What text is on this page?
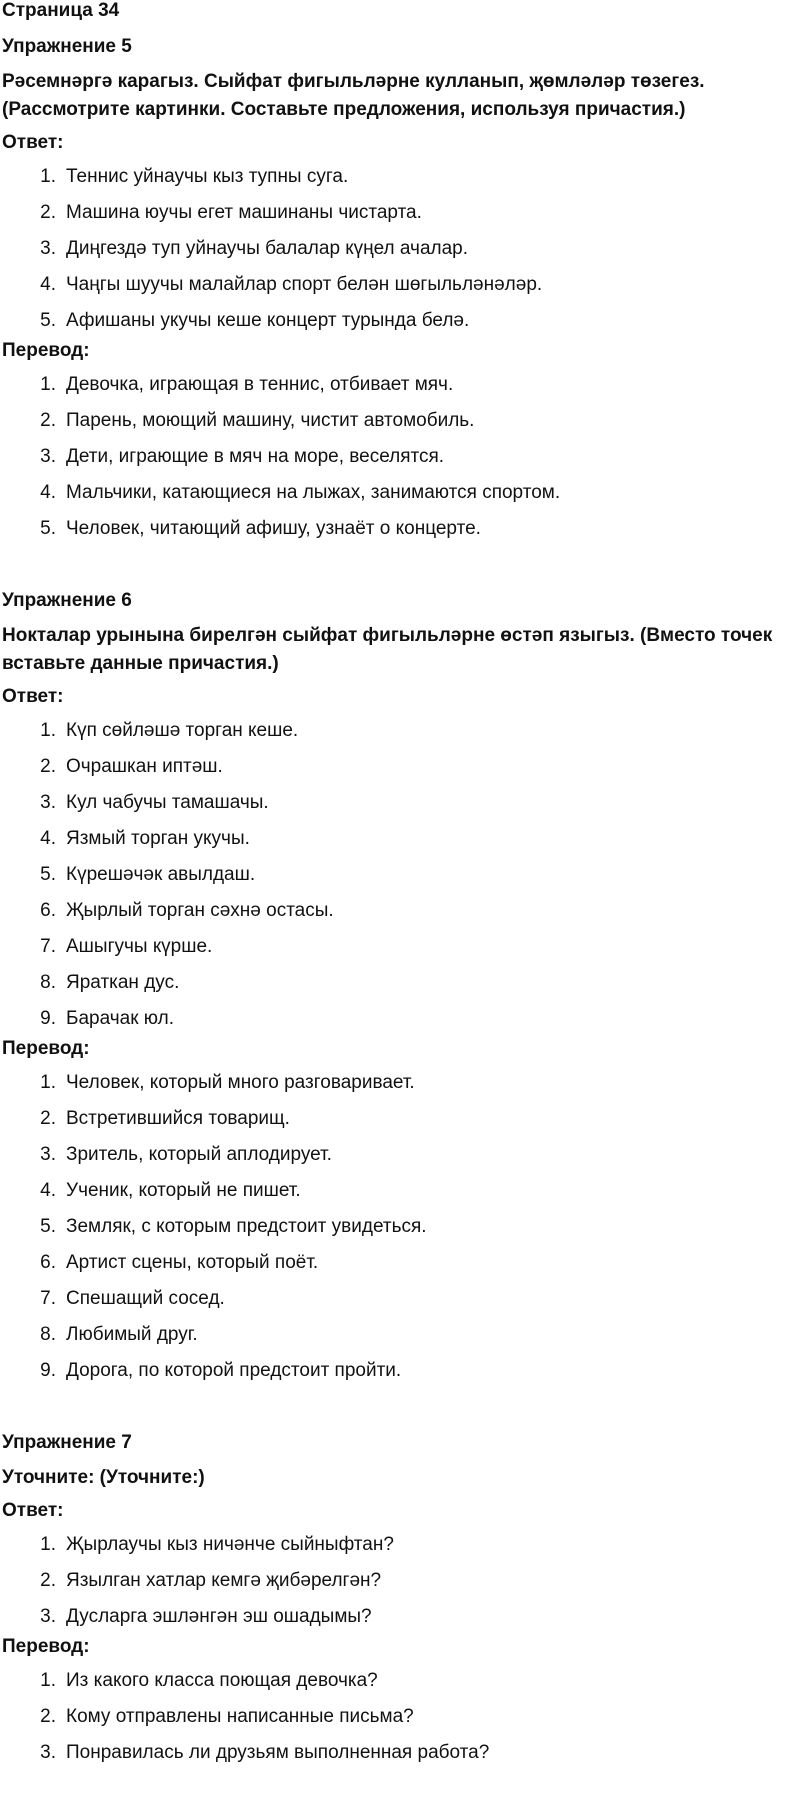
Страница 34
Упражнение 5
Рәсемнәргә карагыз. Сыйфат фигыльләрне кулланып, җөмләләр төзегез. (Рассмотрите картинки. Составьте предложения, используя причастия.)
Ответ:
1. Теннис уйнаучы кыз тупны суга.
2. Машина юучы егет машинаны чистарта.
3. Диңгездә туп уйнаучы балалар күңел ачалар.
4. Чаңгы шуучы малайлар спорт белән шөгыльләнәләр.
5. Афишаны укучы кеше концерт турында белә.
Перевод:
1. Девочка, играющая в теннис, отбивает мяч.
2. Парень, моющий машину, чистит автомобиль.
3. Дети, играющие в мяч на море, веселятся.
4. Мальчики, катающиеся на лыжах, занимаются спортом.
5. Человек, читающий афишу, узнаёт о концерте.
Упражнение 6
Нокталар урынына бирелгән сыйфат фигыльләрне өстәп языгыз. (Вместо точек вставьте данные причастия.)
Ответ:
1. Күп сөйләшә торган кеше.
2. Очрашкан иптәш.
3. Кул чабучы тамашачы.
4. Язмый торган укучы.
5. Күрешәчәк авылдаш.
6. Җырлый торган сәхнә остасы.
7. Ашыгучы күрше.
8. Яраткан дус.
9. Барачак юл.
Перевод:
1. Человек, который много разговаривает.
2. Встретившийся товарищ.
3. Зритель, который аплодирует.
4. Ученик, который не пишет.
5. Земляк, с которым предстоит увидеться.
6. Артист сцены, который поёт.
7. Спешащий сосед.
8. Любимый друг.
9. Дорога, по которой предстоит пройти.
Упражнение 7
Уточните: (Уточните:)
Ответ:
1. Җырлаучы кыз ничәнче сыйныфтан?
2. Язылган хатлар кемгә җибәрелгән?
3. Дусларга эшләнгән эш ошадымы?
Перевод:
1. Из какого класса поющая девочка?
2. Кому отправлены написанные письма?
3. Понравилась ли друзьям выполненная работа?
